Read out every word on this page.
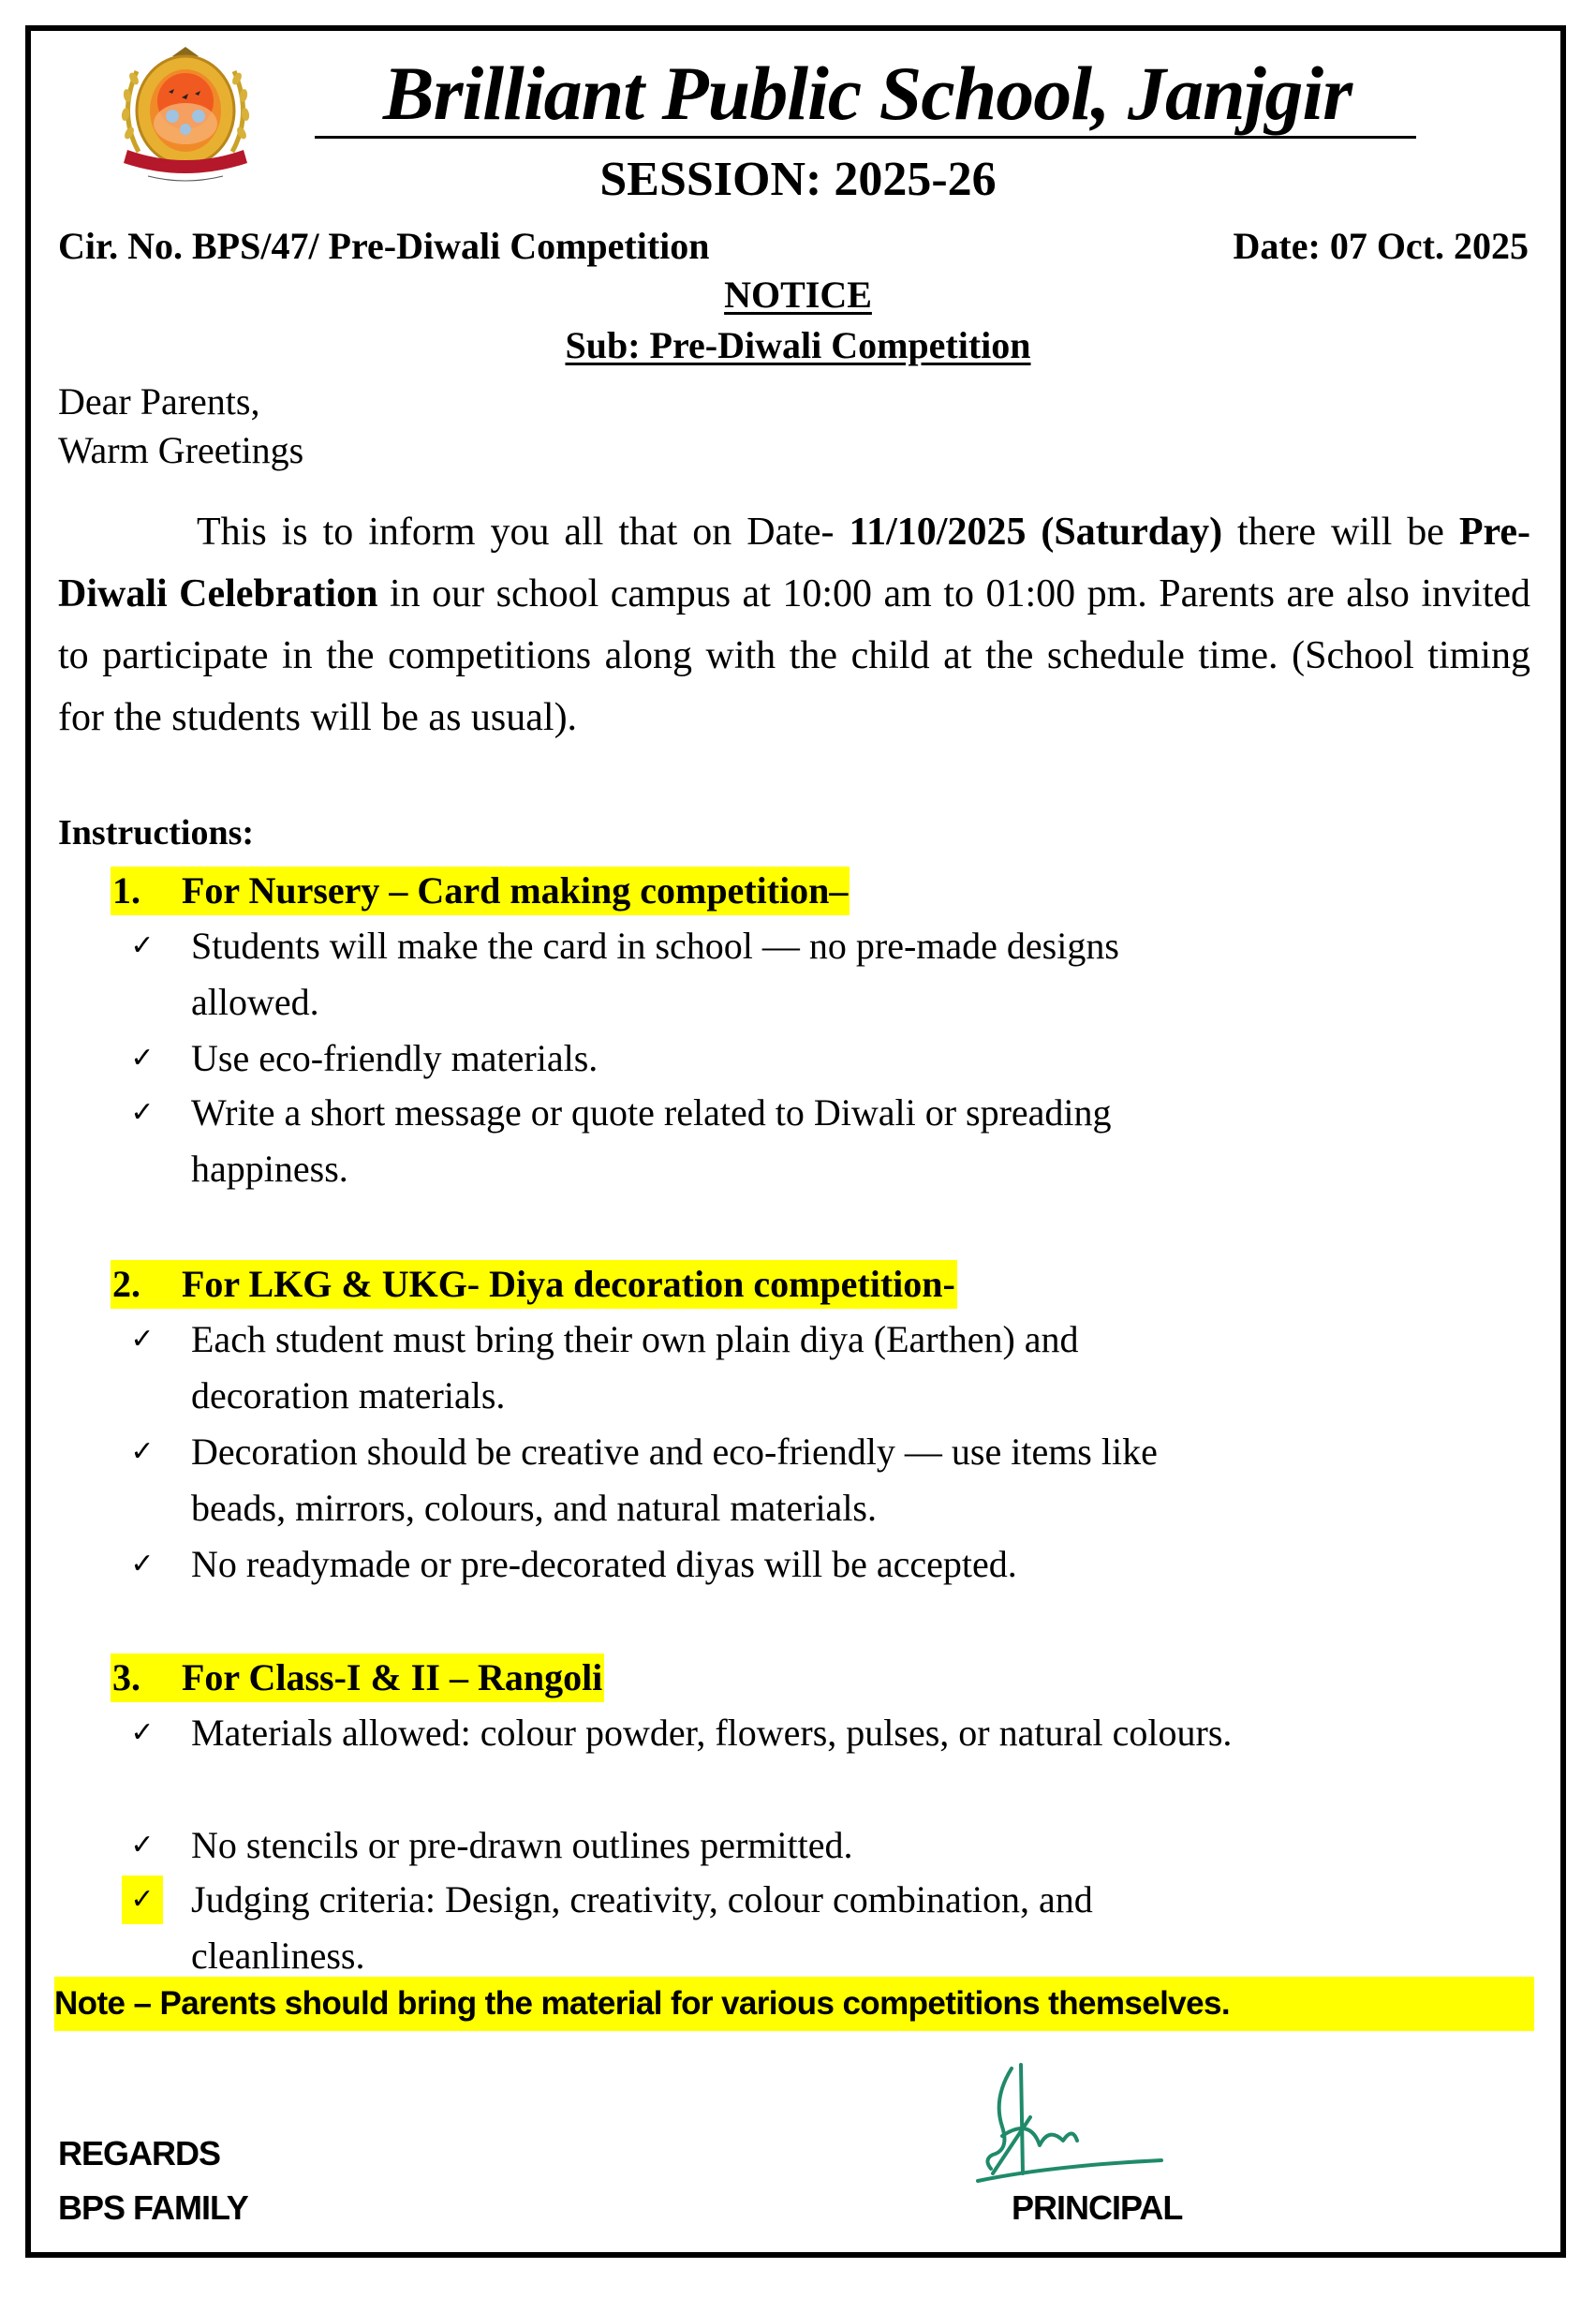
Brilliant Public School, Janjgir
SESSION: 2025-26
Cir. No. BPS/47/ Pre-Diwali Competition	Date: 07 Oct. 2025
NOTICE
Sub: Pre-Diwali Competition
Dear Parents,
Warm Greetings
This is to inform you all that on Date- 11/10/2025 (Saturday) there will be Pre-Diwali Celebration in our school campus at 10:00 am to 01:00 pm. Parents are also invited to participate in the competitions along with the child at the schedule time. (School timing for the students will be as usual).
Instructions:
1. For Nursery – Card making competition–
✓ Students will make the card in school — no pre-made designs allowed.
✓ Use eco-friendly materials.
✓ Write a short message or quote related to Diwali or spreading happiness.
2. For LKG & UKG- Diya decoration competition-
✓ Each student must bring their own plain diya (Earthen) and decoration materials.
✓ Decoration should be creative and eco-friendly — use items like beads, mirrors, colours, and natural materials.
✓ No readymade or pre-decorated diyas will be accepted.
3. For Class-I & II – Rangoli
✓ Materials allowed: colour powder, flowers, pulses, or natural colours.
✓ No stencils or pre-drawn outlines permitted.
✓ Judging criteria: Design, creativity, colour combination, and cleanliness.
Note – Parents should bring the material for various competitions themselves.
REGARDS
BPS FAMILY	PRINCIPAL
